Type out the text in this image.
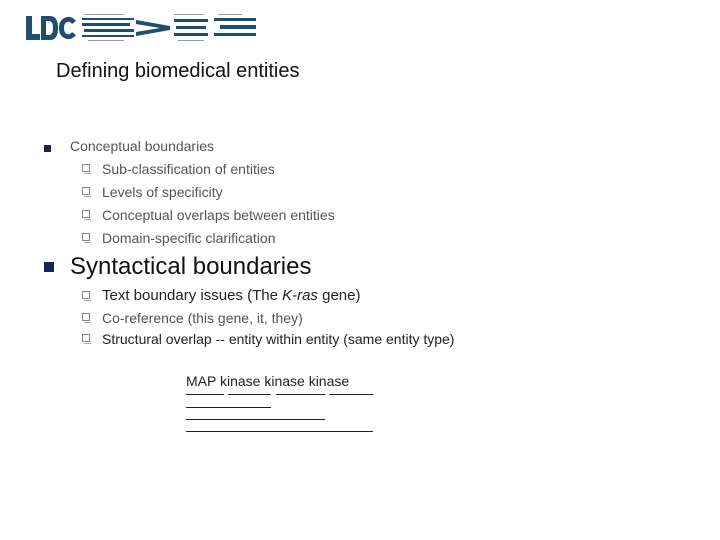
Defining biomedical entities
Conceptual boundaries
Sub-classification of entities
Levels of specificity
Conceptual overlaps between entities
Domain-specific clarification
Syntactical boundaries
Text boundary issues (The K-ras gene)
Co-reference (this gene, it, they)
Structural overlap -- entity within entity (same entity type)
MAP kinase kinase kinase
